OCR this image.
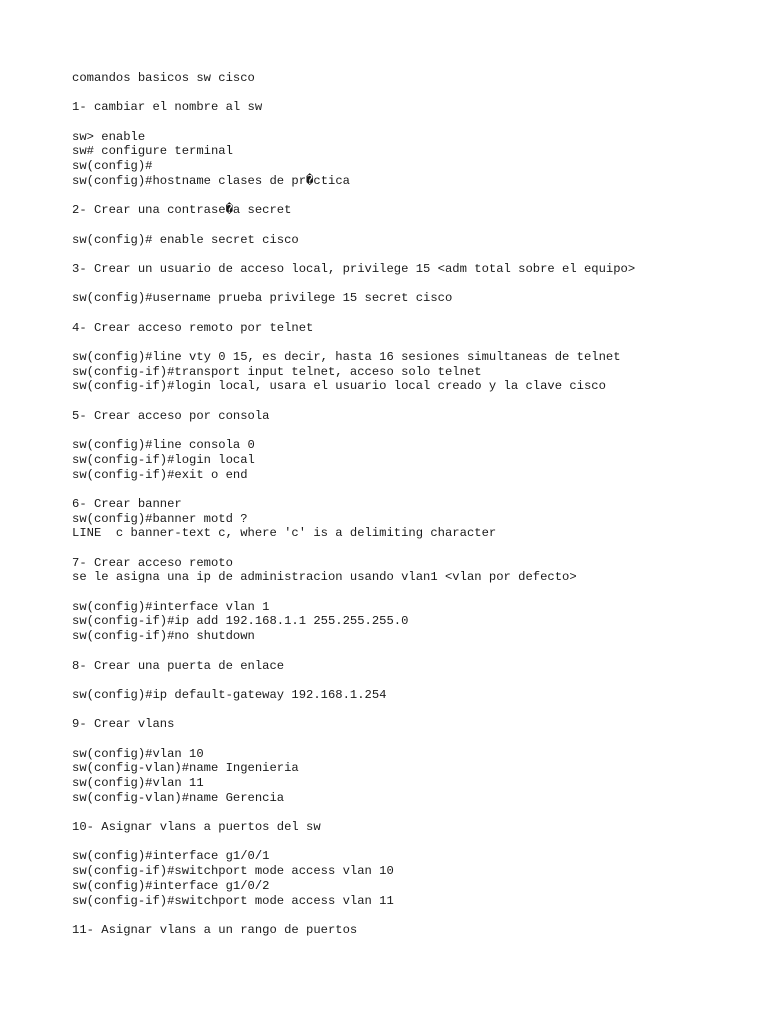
comandos basicos sw cisco
1- cambiar el nombre al sw
sw> enable
sw# configure terminal
sw(config)#
sw(config)#hostname clases de pr�ctica
2- Crear una contrase�a secret
sw(config)# enable secret cisco
3- Crear un usuario de acceso local, privilege 15 <adm total sobre el equipo>
sw(config)#username prueba privilege 15 secret cisco
4- Crear acceso remoto por telnet
sw(config)#line vty 0 15, es decir, hasta 16 sesiones simultaneas de telnet
sw(config-if)#transport input telnet, acceso solo telnet
sw(config-if)#login local, usara el usuario local creado y la clave cisco
5- Crear acceso por consola
sw(config)#line consola 0
sw(config-if)#login local
sw(config-if)#exit o end
6- Crear banner
sw(config)#banner motd ?
LINE  c banner-text c, where 'c' is a delimiting character
7- Crear acceso remoto
se le asigna una ip de administracion usando vlan1 <vlan por defecto>
sw(config)#interface vlan 1
sw(config-if)#ip add 192.168.1.1 255.255.255.0
sw(config-if)#no shutdown
8- Crear una puerta de enlace
sw(config)#ip default-gateway 192.168.1.254
9- Crear vlans
sw(config)#vlan 10
sw(config-vlan)#name Ingenieria
sw(config)#vlan 11
sw(config-vlan)#name Gerencia
10- Asignar vlans a puertos del sw
sw(config)#interface g1/0/1
sw(config-if)#switchport mode access vlan 10
sw(config)#interface g1/0/2
sw(config-if)#switchport mode access vlan 11
11- Asignar vlans a un rango de puertos
